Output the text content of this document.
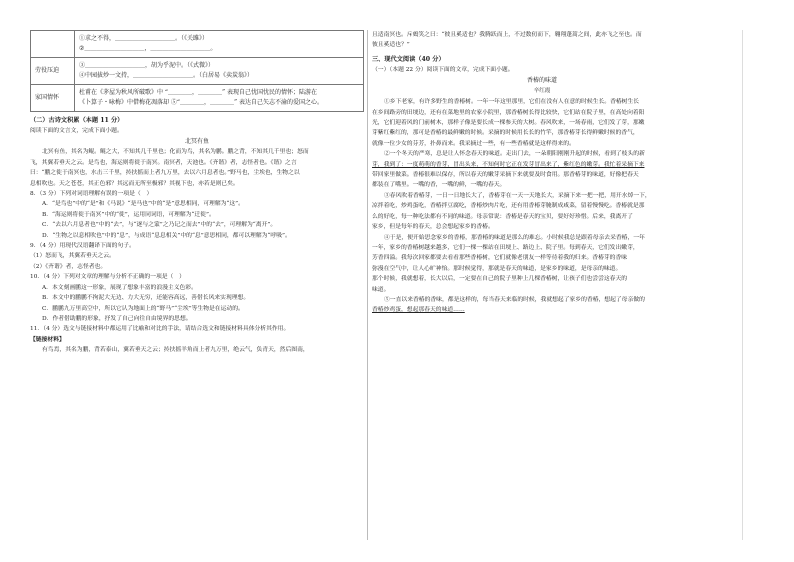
	①求之不得，＿＿＿＿＿＿＿＿＿＿。（《关雎》）
②＿＿＿＿＿＿＿＿＿＿，＿＿＿＿＿＿＿＿＿＿。

劳役压迫	③＿＿＿＿＿＿＿＿＿＿，胡为乎泥中。（《式微》）
④中园拔炒一文持，＿＿＿＿＿＿＿＿＿＿。（白居易《卖炭翁》）

家国情怀	杜甫在《茅屋为秋风所破歌》中 “＿＿＿＿，＿＿＿＿” 表现自己忧国忧民的情怀；陆游在
《卜算子・咏梅》中借梅花凋落却 ⑤“＿＿＿＿，＿＿＿＿” 表达自己矢志不渝的爱国之心。
（二）古诗文积累（本题 11 分）
阅读下面的文言文，完成下面小题。
北冥有鱼
北冥有鱼，其名为鲲。鲲之大，不知其几千里也；化而为鸟，其名为鹏。鹏之背，不知其几千里也；怒而
飞，其翼若垂天之云。是鸟也，海运则将徙于南冥。南冥者，天池也。《齐谐》者，志怪者也。《谐》之言
曰：“鹏之徙于南冥也，水击三千里，抟扶摇而上者九万里，去以六月息者也。”野马也，尘埃也，生物之以
息相吹也。天之苍苍，其正色邪？其远而无所至极邪？其视下也，亦若是则已矣。
8．（3 分）下列对词语理解有误的一项是（　）
A．“是鸟也”中的“是”和《马说》“是马也”中的“是”意思相同，可理解为“这”。
B．“海运则将徙于南冥”中的“徙”，运用同词语，可理解为“迁徙”。
C．“去以六月息者也”中的“去”，与“逐与之蒙”之乃记之而去”中的“去”，可理解为“离开”。
D．“生物之以息相吹也”中的“息”，与成语“息息相关”中的“息”意思相同，都可以理解为“呼吸”。
9．（4 分）用现代汉语翻译下面的句子。
（1）怒而飞，其翼若垂天之云。
（2）《齐谐》者，志怪者也。
10．（4 分）下列对文章的理解与分析不正确的一项是（　）
A．本文刻画鹏这一形象，展现了想象丰富的浪漫主义色彩。
B．本文中的鹏鹏不拘泥大无边、力大无穷，还能容高远，善借长风来实现理想。
C．鹏鹏九万里高空中，所以它认为地面上的“野马”“尘埃”等生物是在运动的。
D．作者借助鹏的形象，抒发了自己向往自由境界的思想。
11．（4 分）选文与链接材料中都运用了比喻和对比的手法，请结合选文和链接材料具体分析其作用。
【链接材料】
有鸟焉，其名为鹏，背若泰山，翼若垂天之云；抟扶摇羊角而上者九万里，绝云气，负青天，然后图南，
且适南冥也。斥鴳笑之曰：“彼且奚适也？我腾跃而上，不过数仞而下，翱翔蓬蒿之间，此亦飞之至也。而
彼且奚适也？”
三、现代文阅读（40 分）
（一）（本题 22 分）阅读下面的文章，完成下面小题。
香椿的味道
辛红霞
①乡下老家，有许多野生的香椿树。一年一年这里那里，它们在没有人在意的时候生长。香椿树生长
在乡间路旁的田埂边，还有在菜地里的农家小院里，那香椿树长得比较快，它们站在院子里，在高处向着阳
光，它们迎着风的门前树木，那样子像是要长成一棵参天的大树。春风吹来，一场春雨，它们发了芽，那嫩
芽紫红紫红的，那可是香椿的最鲜嫩的时候。采摘的时候用长长的竹竿，那香椿芽长得鲜嫩时候的香气，
就像一位少女的芬芳，扑鼻而来。我采摘过一些，有一些香椿就是这样得来的。
②一个冬天的严寒，总是让人怀念春天的味道。走出门去，一朵朝阳刚刚升起的时候，看到了枝头的新
芽，我到了：一度萌萌的香芽，冒出头来，不知何时它正在发芽冒出来了，紫红色的嫩芽。我忙着采摘下来
带回家里做菜。香椿很难以保存，所以春天的嫩芽采摘下来就要及时食用。那香椿芽的味道，好像把春天
都装在了嘴里。一嘴的香，一嘴的鲜，一嘴的春天。
③春风吹着香椿芽，一日一日地长大了，香椿芽在一天一天地长大，采摘下来一把一把，用开水焯一下，
凉拌着吃，炒鸡蛋吃，香椿拌豆腐吃，香椿炒肉片吃，还有用香椿芽腌制成咸菜，留着慢慢吃。香椿就是那
么的好吃，每一种吃法都有不同的味道。母亲常说：香椿是春天的宝贝，要好好珍惜。后来，我离开了
家乡，但是每年的春天，总会想起家乡的香椿。
④于是，便开始思念家乡的香椿，那香椿的味道是那么的难忘。小时候我总是跟着母亲去采香椿，一年
一年，家乡的香椿树越来越多，它们一棵一棵站在田埂上、路边上、院子里。每到春天，它们发出嫩芽，
芳香四溢。我每次回家都要去看看那些香椿树，它们就像老朋友一样等待着我的归来。香椿芽的香味
弥漫在空气中，让人心旷神怡。那时候觉得，那就是春天的味道，是家乡的味道，是母亲的味道。
那个时候，我就想着，长大以后，一定要在自己的院子里种上几棵香椿树，让孩子们也尝尝这春天的
味道。
⑤一直以来香椿的香味，都是这样的，每当春天来临的时候，我就想起了家乡的香椿，想起了母亲做的
香椿炒鸡蛋，想起那春天的味道……
